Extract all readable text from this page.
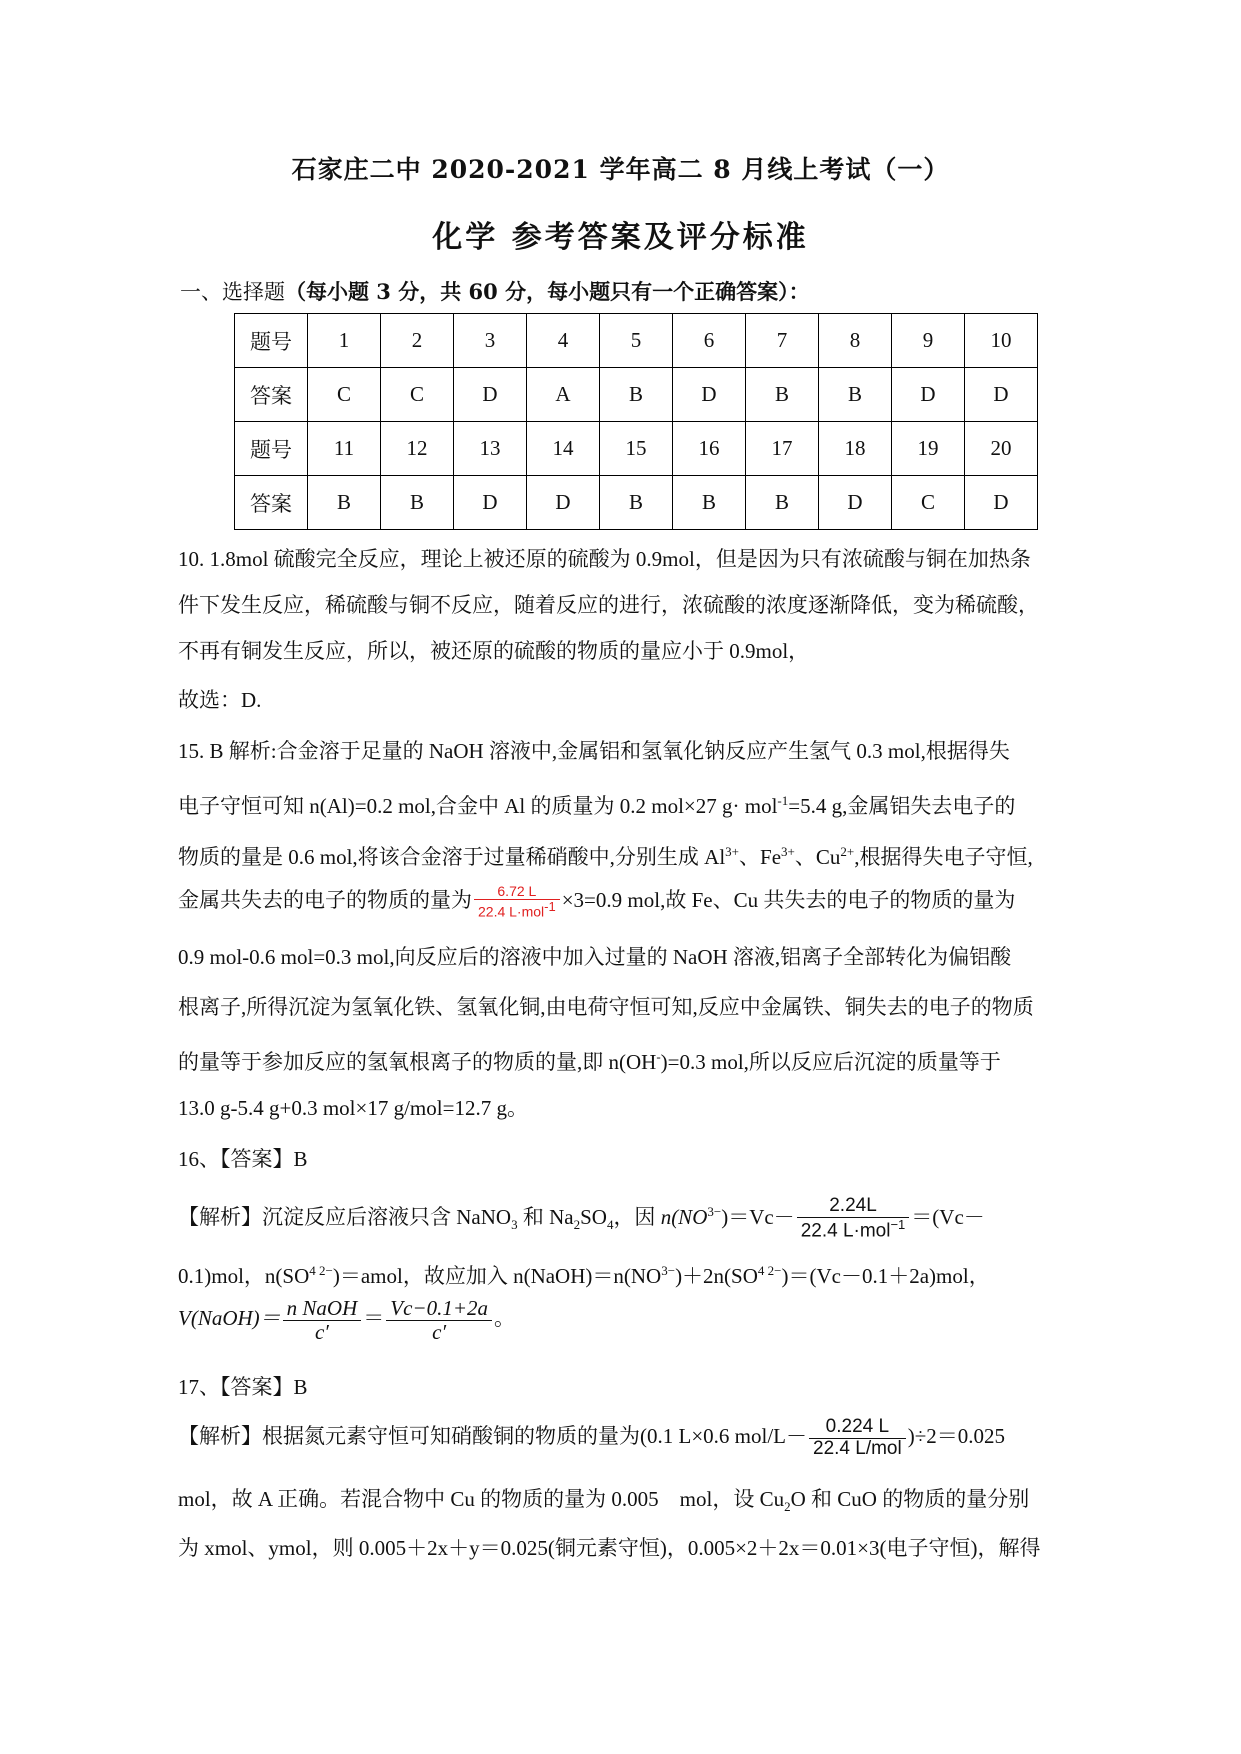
石家庄二中 2020-2021 学年高二 8 月线上考试（一）
化学 参考答案及评分标准
一、选择题（每小题 3 分，共 60 分，每小题只有一个正确答案）：
题号	1	2	3	4	5	6	7	8	9	10
答案	C	C	D	A	B	D	B	B	D	D
题号	11	12	13	14	15	16	17	18	19	20
答案	B	B	D	D	B	B	B	D	C	D
10. 1.8mol 硫酸完全反应，理论上被还原的硫酸为 0.9mol，但是因为只有浓硫酸与铜在加热条
件下发生反应，稀硫酸与铜不反应，随着反应的进行，浓硫酸的浓度逐渐降低，变为稀硫酸，
不再有铜发生反应，所以，被还原的硫酸的物质的量应小于 0.9mol，
故选：D.
15. B 解析:合金溶于足量的 NaOH 溶液中,金属铝和氢氧化钠反应产生氢气 0.3 mol,根据得失
电子守恒可知 n(Al)=0.2 mol,合金中 Al 的质量为 0.2 mol×27 g· mol$^{-1}$=5.4 g,金属铝失去电子的
物质的量是 0.6 mol,将该合金溶于过量稀硝酸中,分别生成 $Al^{3+}$、$Fe^{3+}$、$Cu^{2+}$,根据得失电子守恒,
金属共失去的电子的物质的量为 $\frac{6.72 L}{22.4 L\cdot mol^{-1}} \times 3=0.9$ mol,故 Fe、Cu 共失去的电子的物质的量为
0.9 mol-0.6 mol=0.3 mol,向反应后的溶液中加入过量的 NaOH 溶液,铝离子全部转化为偏铝酸
根离子,所得沉淀为氢氧化铁、氢氧化铜,由电荷守恒可知,反应中金属铁、铜失去的电子的物质
的量等于参加反应的氢氧根离子的物质的量,即 n(OH-)=0.3 mol,所以反应后沉淀的质量等于
13.0 g-5.4 g+0.3 mol×17 g/mol=12.7 g。
16、【答案】B
【解析】沉淀反应后溶液只含 NaNO$_3$ 和 $Na_2SO_4$，因 $n(NO^{3-})=Vc- \frac{2.24L}{22.4 L\cdot mol^{-1}} =(Vc-$
0.1)mol，$n(SO^{4 2-})=amol$，故应加入 $n(NaOH)=n(NO^{3-})+2n(SO^{4 2-})=(Vc-0.1+2a)mol$，
V(NaOH)＝ $\frac{\text{n NaOH}}{c'} = \frac{Vc-0.1+2a}{c'}$ 。
17、【答案】B
【解析】根据氮元素守恒可知硝酸铜的物质的量为(0.1 L×0.6 $mol/L- \frac{0.224 L}{\text{22.4 L/mol}} )\div 2=0.025$
mol，故 A 正确。若混合物中 Cu 的物质的量为 0.005　mol，设 $Cu_2O$ 和 CuO 的物质的量分别
为 xmol、ymol，则 0.005＋2x＋y＝0.025(铜元素守恒)，0.005×2＋2x＝0.01×3(电子守恒)，解得
